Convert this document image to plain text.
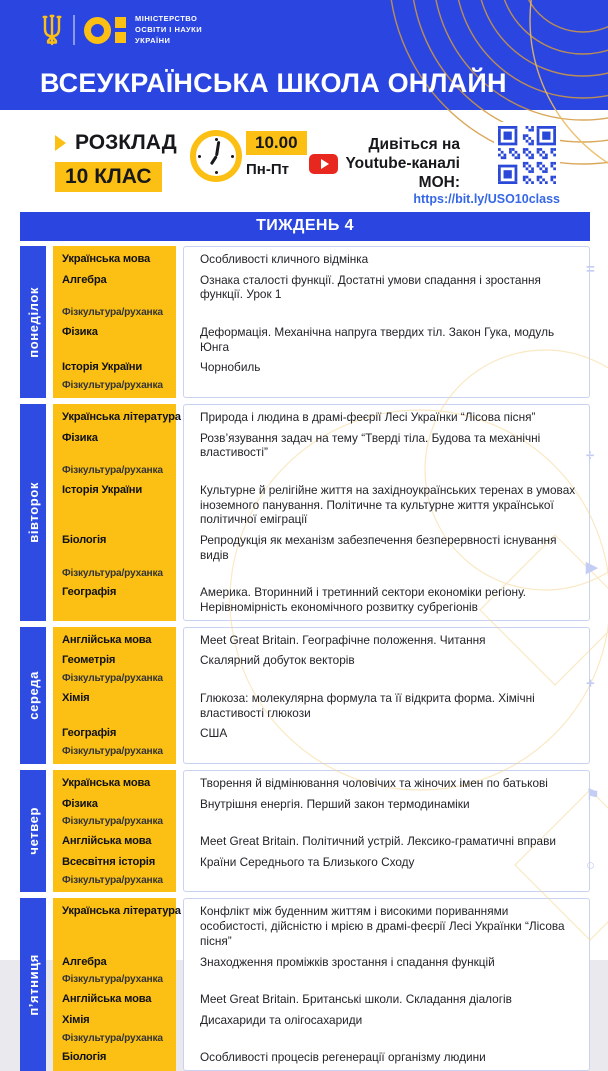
МІНІСТЕРСТВО
ОСВІТИ І НАУКИ
УКРАЇНИ
ВСЕУКРАЇНСЬКА ШКОЛА ОНЛАЙН
РОЗКЛАД
10 КЛАС
10.00
Пн-Пт
Дивіться на
Youtube-каналі
МОН:
https://bit.ly/USO10class
ТИЖДЕНЬ 4
понеділок
Українська мова	Особливості кличного відмінка
Алгебра	Ознака сталості функції. Достатні умови спадання і зростання функції. Урок 1
Фізкультура/руханка
Фізика	Деформація. Механічна напруга твердих тіл. Закон Гука, модуль Юнга
Історія України	Чорнобиль
Фізкультура/руханка
вівторок
Українська література	Природа і людина в драмі-феєрії Лесі Українки “Лісова пісня”
Фізика	Розв’язування задач на тему “Тверді тіла. Будова та механічні властивості”
Фізкультура/руханка
Історія України	Культурне й релігійне життя на західноукраїнських теренах в умовах іноземного панування. Політичне та культурне життя української політичної еміграції
Біологія	Репродукція як механізм забезпечення безперервності існування видів
Фізкультура/руханка
Географія	Америка. Вторинний і третинний сектори економіки регіону. Нерівномірність економічного розвитку субрегіонів
середа
Англійська мова	Meet Great Britain. Географічне положення. Читання
Геометрія	Скалярний добуток векторів
Фізкультура/руханка
Хімія	Глюкоза: молекулярна формула та її відкрита форма. Хімічні властивості глюкози
Географія	США
Фізкультура/руханка
четвер
Українська мова	Творення й відмінювання чоловічих та жіночих імен по батькові
Фізика	Внутрішня енергія. Перший закон термодинаміки
Фізкультура/руханка
Англійська мова	Meet Great Britain. Політичний устрій. Лексико-граматичні вправи
Всесвітня історія	Країни Середнього та Близького Сходу
Фізкультура/руханка
п’ятниця
Українська література	Конфлікт між буденним життям і високими пориваннями особистості, дійсністю і мрією в драмі-феєрії Лесі Українки “Лісова пісня”
Алгебра	Знаходження проміжків зростання і спадання функцій
Фізкультура/руханка
Англійська мова	Meet Great Britain. Британські школи. Складання діалогів
Хімія	Дисахариди та олігосахариди
Фізкультура/руханка
Біологія	Особливості процесів регенерації організму людини
=
÷
▶
+
⚑
○
